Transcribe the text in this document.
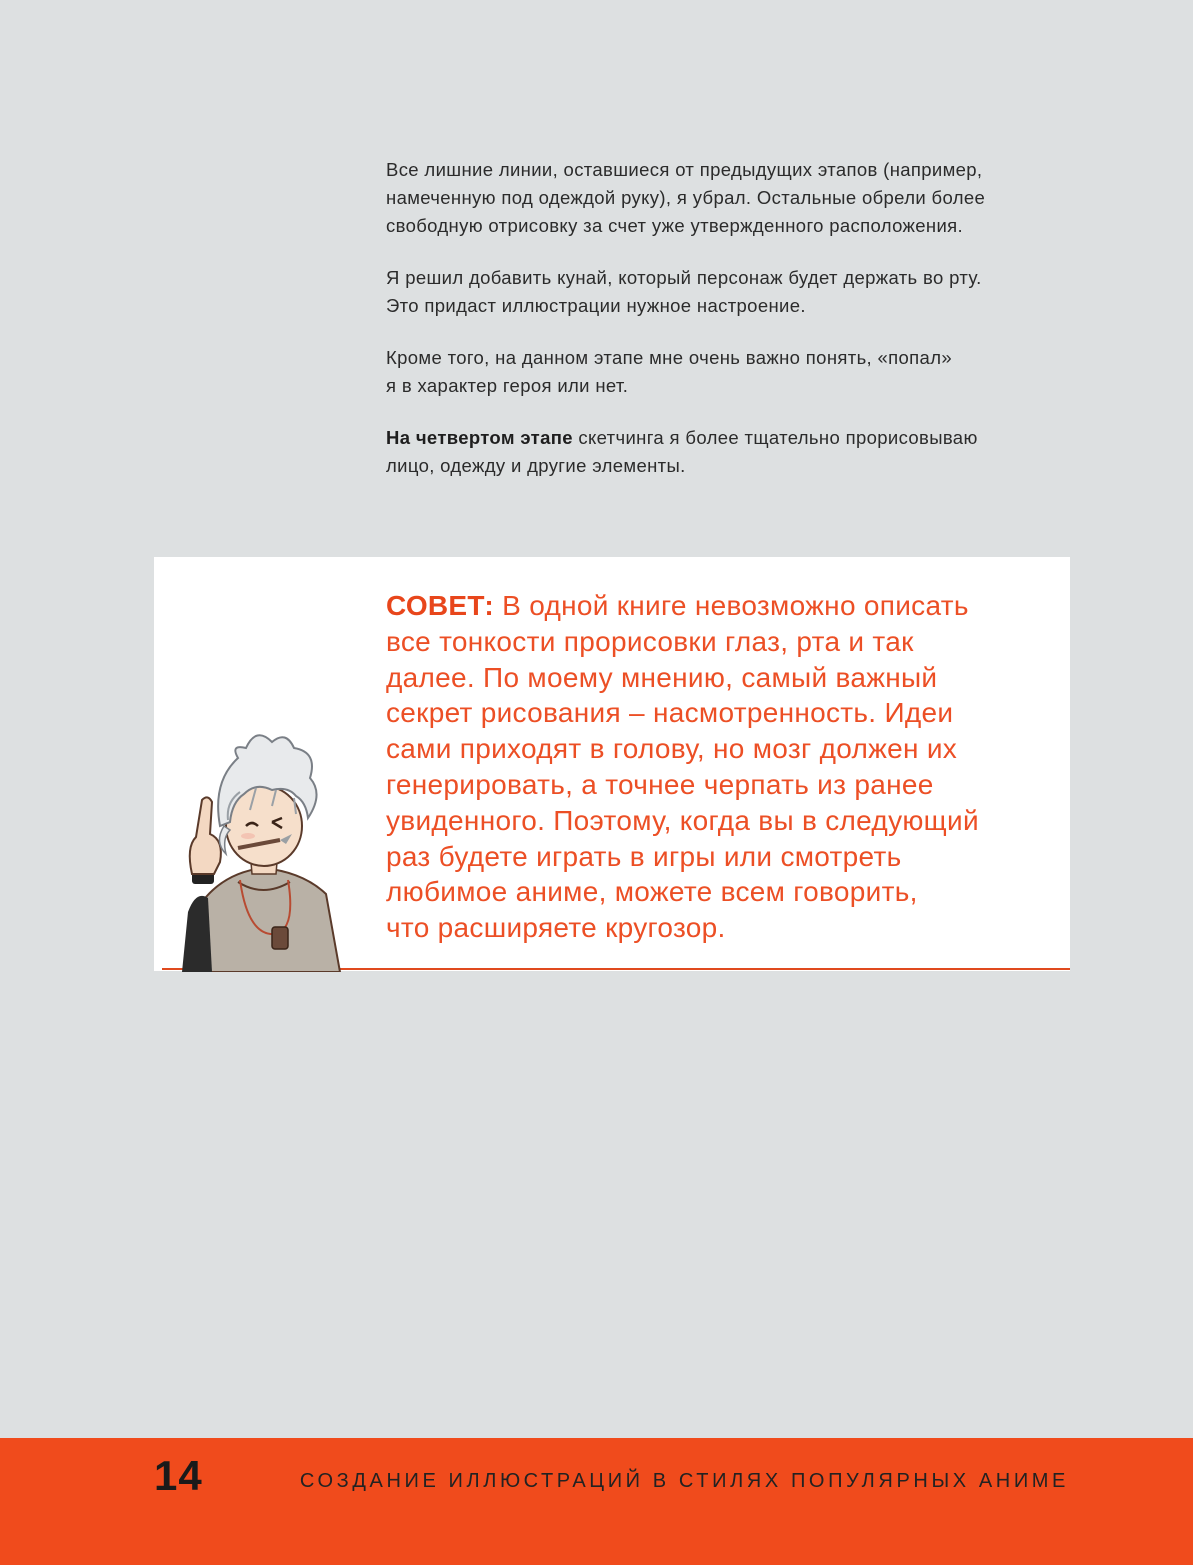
Все лишние линии, оставшиеся от предыдущих этапов (например,
намеченную под одеждой руку), я убрал. Остальные обрели более
свободную отрисовку за счет уже утвержденного расположения.

Я решил добавить кунай, который персонаж будет держать во рту.
Это придаст иллюстрации нужное настроение.

Кроме того, на данном этапе мне очень важно понять, «попал»
я в характер героя или нет.

На четвертом этапе скетчинга я более тщательно прорисовываю
лицо, одежду и другие элементы.

СОВЕТ: В одной книге невозможно описать
все тонкости прорисовки глаз, рта и так
далее. По моему мнению, самый важный
секрет рисования – насмотренность. Идеи
сами приходят в голову, но мозг должен их
генерировать, а точнее черпать из ранее
увиденного. Поэтому, когда вы в следующий
раз будете играть в игры или смотреть
любимое аниме, можете всем говорить,
что расширяете кругозор.
14	СОЗДАНИЕ ИЛЛЮСТРАЦИЙ В СТИЛЯХ ПОПУЛЯРНЫХ АНИМЕ
